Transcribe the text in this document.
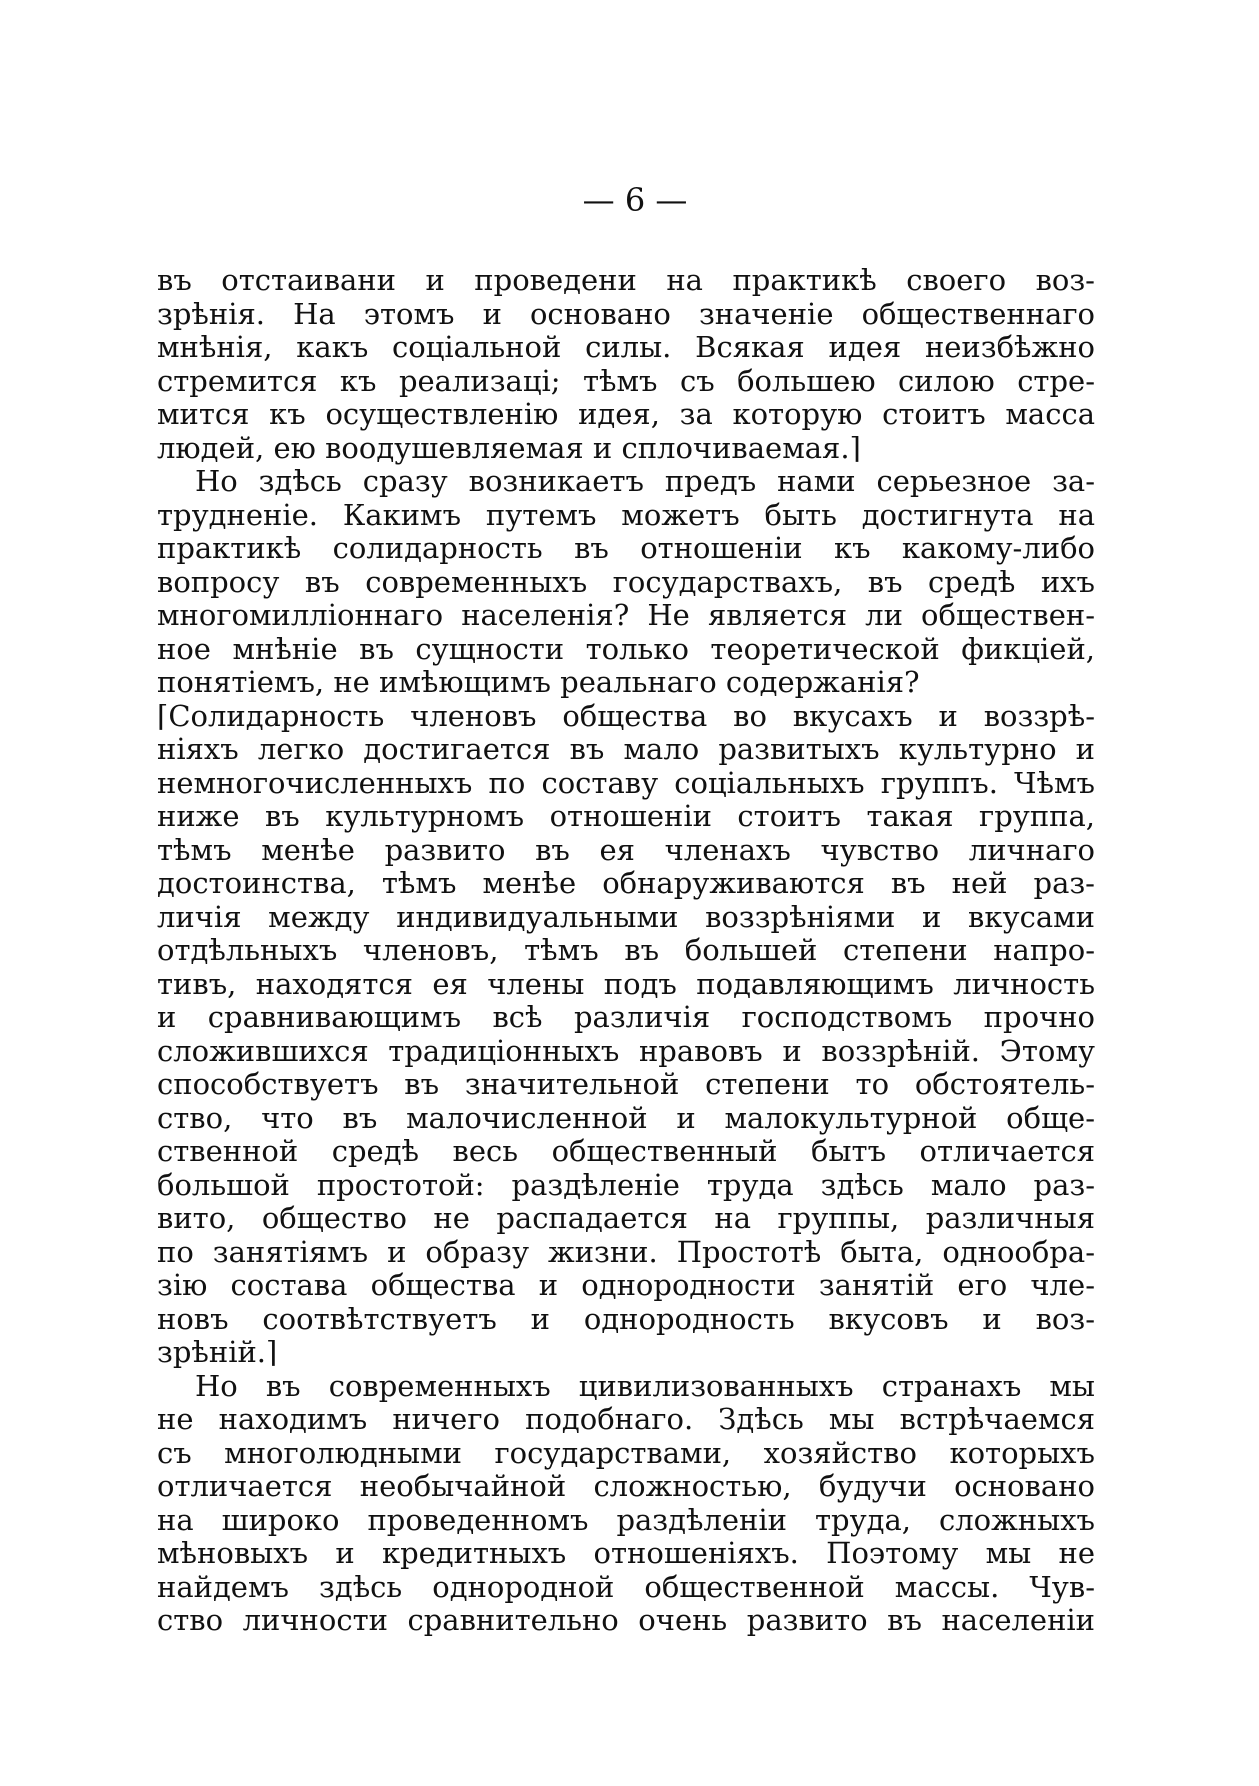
— 6 —
въ отстаивани и проведени на практикѣ своего воз-
зрѣнія. На этомъ и основано значеніе общественнаго
мнѣнія, какъ соціальной силы. Всякая идея неизбѣжно
стремится къ реализаці; тѣмъ съ большею силою стре-
мится къ осуществленію идея, за которую стоитъ масса
людей, ею воодушевляемая и сплочиваемая.⌉
Но здѣсь сразу возникаетъ предъ нами серьезное за-
трудненіе. Какимъ путемъ можетъ быть достигнута на
практикѣ солидарность въ отношеніи къ какому-либо
вопросу въ современныхъ государствахъ, въ средѣ ихъ
многомилліоннаго населенія? Не является ли обществен-
ное мнѣніе въ сущности только теоретической фикціей,
понятіемъ, не имѣющимъ реальнаго содержанія?
⌈Солидарность членовъ общества во вкусахъ и воззрѣ-
ніяхъ легко достигается въ мало развитыхъ культурно и
немногочисленныхъ по составу соціальныхъ группъ. Чѣмъ
ниже въ культурномъ отношеніи стоитъ такая группа,
тѣмъ менѣе развито въ ея членахъ чувство личнаго
достоинства, тѣмъ менѣе обнаруживаются въ ней раз-
личія между индивидуальными воззрѣніями и вкусами
отдѣльныхъ членовъ, тѣмъ въ большей степени напро-
тивъ, находятся ея члены подъ подавляющимъ личность
и сравнивающимъ всѣ различія господствомъ прочно
сложившихся традиціонныхъ нравовъ и воззрѣній. Этому
способствуетъ въ значительной степени то обстоятель-
ство, что въ малочисленной и малокультурной обще-
ственной средѣ весь общественный бытъ отличается
большой простотой: раздѣленіе труда здѣсь мало раз-
вито, общество не распадается на группы, различныя
по занятіямъ и образу жизни. Простотѣ быта, однообра-
зію состава общества и однородности занятій его чле-
новъ соотвѣтствуетъ и однородность вкусовъ и воз-
зрѣній.⌉
Но въ современныхъ цивилизованныхъ странахъ мы
не находимъ ничего подобнаго. Здѣсь мы встрѣчаемся
съ многолюдными государствами, хозяйство которыхъ
отличается необычайной сложностью, будучи основано
на широко проведенномъ раздѣленіи труда, сложныхъ
мѣновыхъ и кредитныхъ отношеніяхъ. Поэтому мы не
найдемъ здѣсь однородной общественной массы. Чув-
ство личности сравнительно очень развито въ населеніи
